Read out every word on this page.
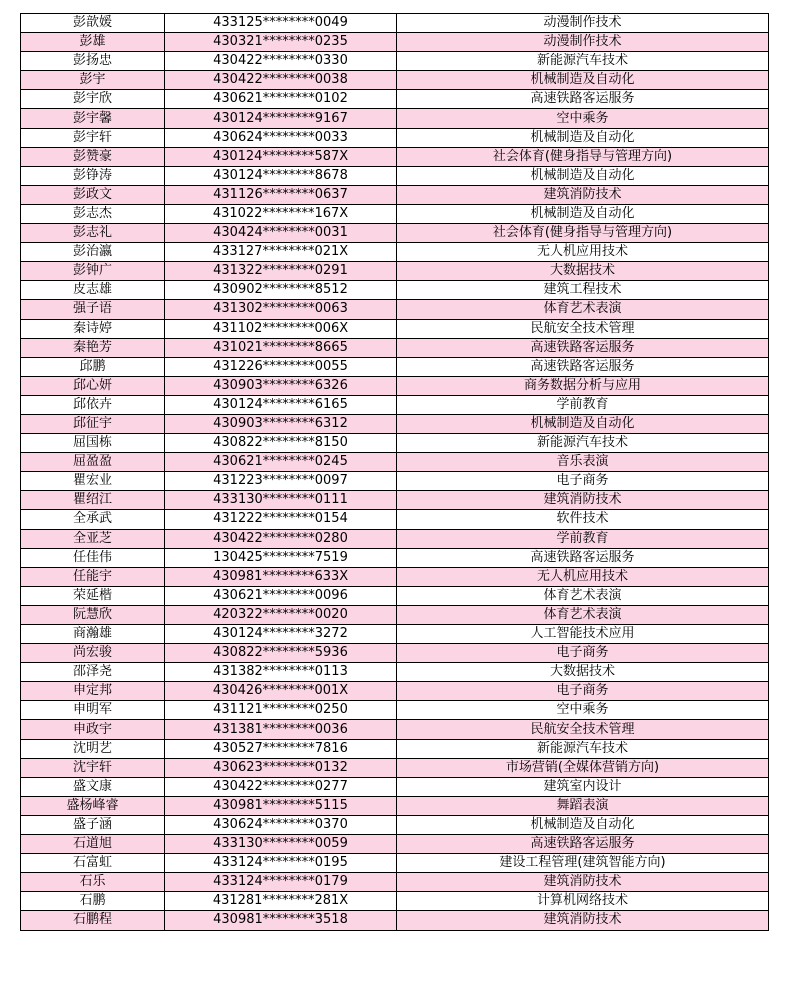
彭歆媛	433125********0049	动漫制作技术
彭雄	430321********0235	动漫制作技术
彭扬忠	430422********0330	新能源汽车技术
彭宇	430422********0038	机械制造及自动化
彭宇欣	430621********0102	高速铁路客运服务
彭宇馨	430124********9167	空中乘务
彭宇轩	430624********0033	机械制造及自动化
彭赞豪	430124********587X	社会体育(健身指导与管理方向)
彭铮涛	430124********8678	机械制造及自动化
彭政文	431126********0637	建筑消防技术
彭志杰	431022********167X	机械制造及自动化
彭志礼	430424********0031	社会体育(健身指导与管理方向)
彭治瀛	433127********021X	无人机应用技术
彭钟广	431322********0291	大数据技术
皮志雄	430902********8512	建筑工程技术
强子语	431302********0063	体育艺术表演
秦诗婷	431102********006X	民航安全技术管理
秦艳芳	431021********8665	高速铁路客运服务
邱鹏	431226********0055	高速铁路客运服务
邱心妍	430903********6326	商务数据分析与应用
邱依卉	430124********6165	学前教育
邱征宇	430903********6312	机械制造及自动化
屈国栋	430822********8150	新能源汽车技术
屈盈盈	430621********0245	音乐表演
瞿宏业	431223********0097	电子商务
瞿绍江	433130********0111	建筑消防技术
全承武	431222********0154	软件技术
全亚芝	430422********0280	学前教育
任佳伟	130425********7519	高速铁路客运服务
任能宇	430981********633X	无人机应用技术
荣延楷	430621********0096	体育艺术表演
阮慧欣	420322********0020	体育艺术表演
商瀚雄	430124********3272	人工智能技术应用
尚宏骏	430822********5936	电子商务
邵泽尧	431382********0113	大数据技术
申定邦	430426********001X	电子商务
申明军	431121********0250	空中乘务
申政宇	431381********0036	民航安全技术管理
沈明艺	430527********7816	新能源汽车技术
沈宇轩	430623********0132	市场营销(全媒体营销方向)
盛文康	430422********0277	建筑室内设计
盛杨峰睿	430981********5115	舞蹈表演
盛子涵	430624********0370	机械制造及自动化
石道旭	433130********0059	高速铁路客运服务
石富虹	433124********0195	建设工程管理(建筑智能方向)
石乐	433124********0179	建筑消防技术
石鹏	431281********281X	计算机网络技术
石鹏程	430981********3518	建筑消防技术
